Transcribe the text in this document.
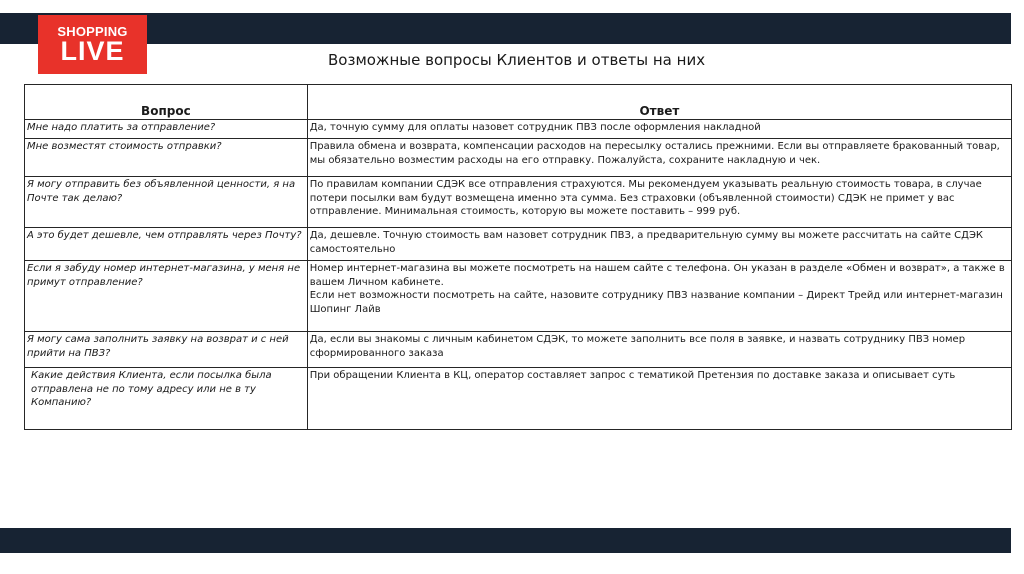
SHOPPING
LIVE	Возможные вопросы Клиентов и ответы на них
Вопрос	Ответ
Мне надо платить за отправление?	Да, точную сумму для оплаты назовет сотрудник ПВЗ после оформления накладной
Мне возместят стоимость отправки?	Правила обмена и возврата, компенсации расходов на пересылку остались прежними. Если вы отправляете бракованный товар, мы обязательно возместим расходы на его отправку. Пожалуйста, сохраните накладную и чек.
Я могу отправить без объявленной ценности, я на Почте так делаю?	По правилам компании СДЭК все отправления страхуются. Мы рекомендуем указывать реальную стоимость товара, в случае потери посылки вам будут возмещена именно эта сумма. Без страховки (объявленной стоимости) СДЭК не примет у вас отправление. Минимальная стоимость, которую вы можете поставить – 999 руб.
А это будет дешевле, чем отправлять через Почту?	Да, дешевле. Точную стоимость вам назовет сотрудник ПВЗ, а предварительную сумму вы можете рассчитать на сайте СДЭК самостоятельно
Если я забуду номер интернет-магазина, у меня не примут отправление?	Номер интернет-магазина вы можете посмотреть на нашем сайте с телефона. Он указан в разделе «Обмен и возврат», а также в вашем Личном кабинете.
Если нет возможности посмотреть на сайте, назовите сотруднику ПВЗ название компании – Директ Трейд или интернет-магазин Шопинг Лайв

Я могу сама заполнить заявку на возврат и с ней прийти на ПВЗ?	Да, если вы знакомы с личным кабинетом СДЭК, то можете заполнить все поля в заявке, и назвать сотруднику ПВЗ номер сформированного заказа
Какие действия Клиента, если посылка была отправлена не по тому адресу или не в ту Компанию?	При обращении Клиента в КЦ, оператор составляет запрос с тематикой Претензия по доставке заказа и описывает суть
